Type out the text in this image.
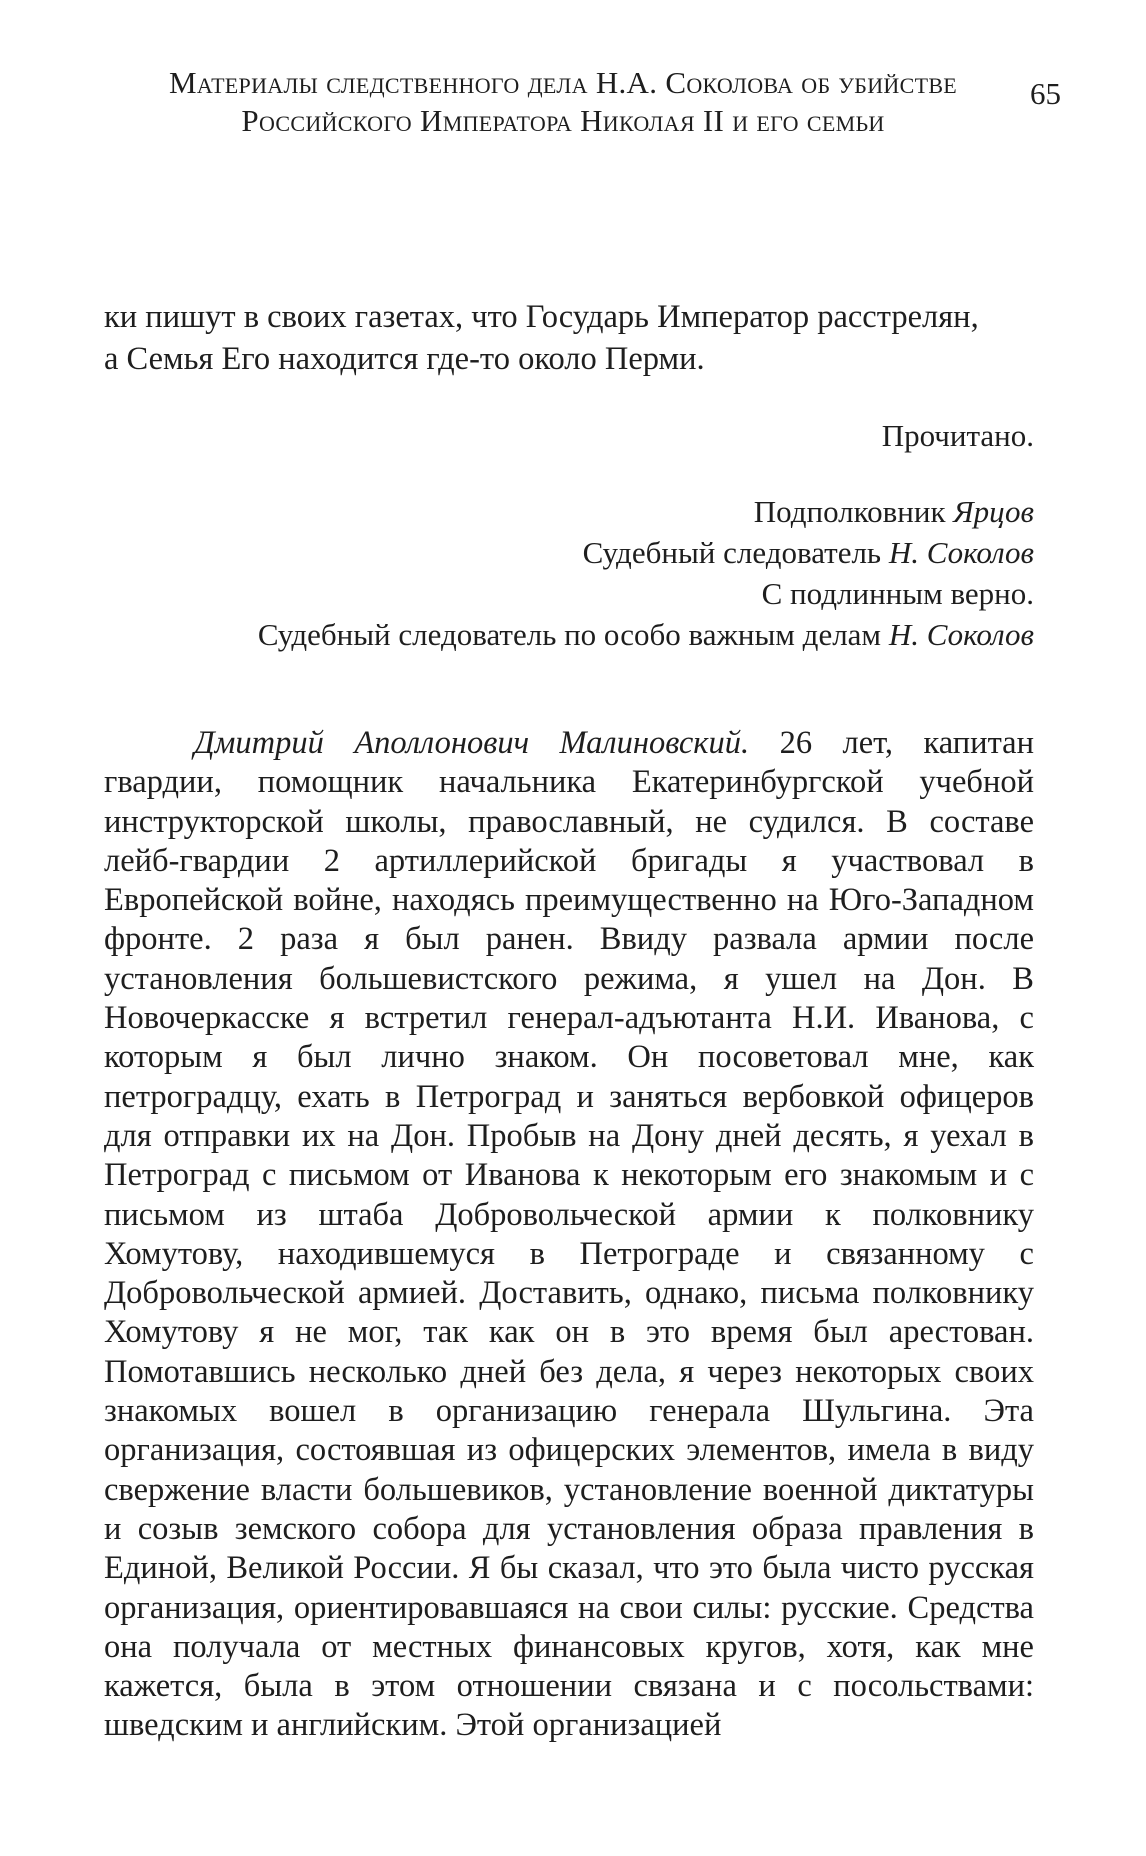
Материалы следственного дела Н.А. Соколова об убийстве
Российского Императора Николая II и его семьи
65
ки пишут в своих газетах, что Государь Император расстрелян,
а Семья Его находится где-то около Перми.
Прочитано.
Подполковник Ярцов
Судебный следователь Н. Соколов
С подлинным верно.
Судебный следователь по особо важным делам Н. Соколов
Дмитрий Аполлонович Малиновский. 26 лет, капитан гвардии, помощник начальника Екатеринбургской учебной инструкторской школы, православный, не судился. В составе лейб-гвардии 2 артиллерийской бригады я участвовал в Европейской войне, находясь преимущественно на Юго-Западном фронте. 2 раза я был ранен. Ввиду развала армии после установления большевистского режима, я ушел на Дон. В Новочеркасске я встретил генерал-адъютанта Н.И. Иванова, с которым я был лично знаком. Он посоветовал мне, как петроградцу, ехать в Петроград и заняться вербовкой офицеров для отправки их на Дон. Пробыв на Дону дней десять, я уехал в Петроград с письмом от Иванова к некоторым его знакомым и с письмом из штаба Добровольческой армии к полковнику Хомутову, находившемуся в Петрограде и связанному с Добровольческой армией. Доставить, однако, письма полковнику Хомутову я не мог, так как он в это время был арестован. Помотавшись несколько дней без дела, я через некоторых своих знакомых вошел в организацию генерала Шульгина. Эта организация, состоявшая из офицерских элементов, имела в виду свержение власти большевиков, установление военной диктатуры и созыв земского собора для установления образа правления в Единой, Великой России. Я бы сказал, что это была чисто русская организация, ориентировавшаяся на свои силы: русские. Средства она получала от местных финансовых кругов, хотя, как мне кажется, была в этом отношении связана и с посольствами: шведским и английским. Этой организацией
